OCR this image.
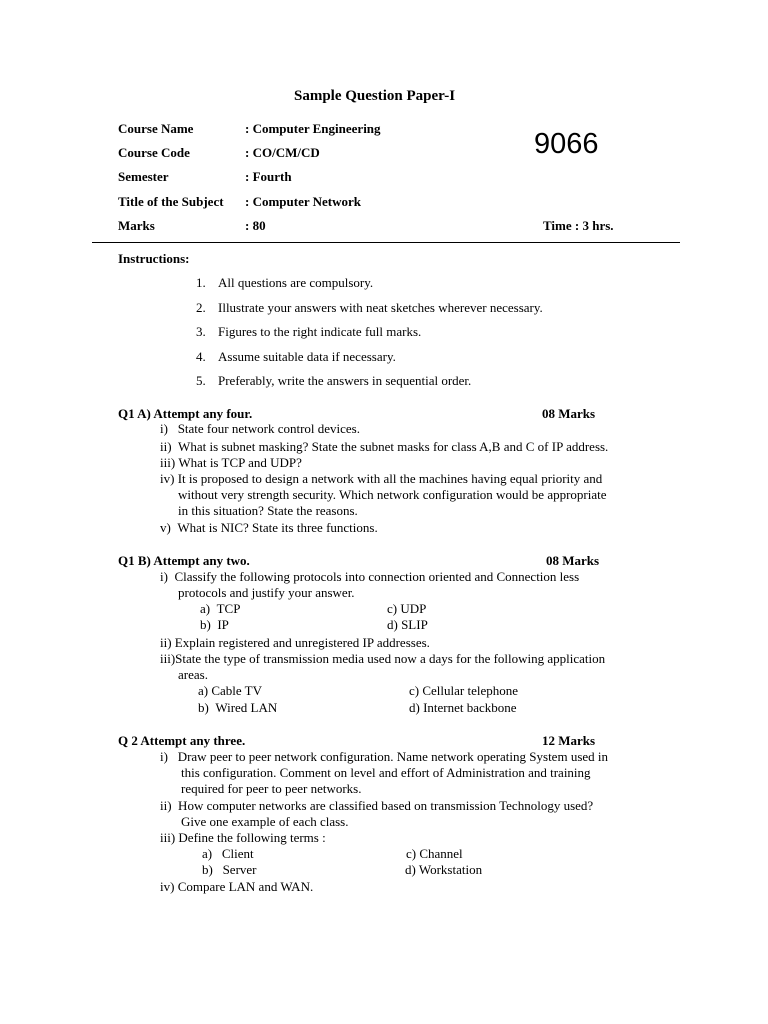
Sample Question Paper-I
Course Name	: Computer Engineering	9066
Course Code	: CO/CM/CD
Semester	: Fourth
Title of the Subject : Computer Network
Marks	: 80	Time : 3 hrs.
Instructions:
1. All questions are compulsory.
2. Illustrate your answers with neat sketches wherever necessary.
3. Figures to the right indicate full marks.
4. Assume suitable data if necessary.
5. Preferably, write the answers in sequential order.
Q1 A) Attempt any four.	08 Marks
i)   State four network control devices.
ii)  What is subnet masking? State the subnet masks for class A,B and C of IP address.
iii) What is TCP and UDP?
iv) It is proposed to design a network with all the machines having equal priority and
without very strength security. Which network configuration would be appropriate
in this situation? State the reasons.
v)  What is NIC? State its three functions.
Q1 B) Attempt any two.	08 Marks
i)  Classify the following protocols into connection oriented and Connection less
protocols and justify your answer.
a)  TCP	c) UDP
b)  IP	d) SLIP
ii) Explain registered and unregistered IP addresses.
iii)State the type of transmission media used now a days for the following application
areas.
a) Cable TV	c) Cellular telephone
b)  Wired LAN	d) Internet backbone
Q 2 Attempt any three.	12 Marks
i)   Draw peer to peer network configuration. Name network operating System used in
this configuration. Comment on level and effort of Administration and training
required for peer to peer networks.
ii)  How computer networks are classified based on transmission Technology used?
Give one example of each class.
iii) Define the following terms :
a)   Client	c) Channel
b)   Server	d) Workstation
iv) Compare LAN and WAN.
